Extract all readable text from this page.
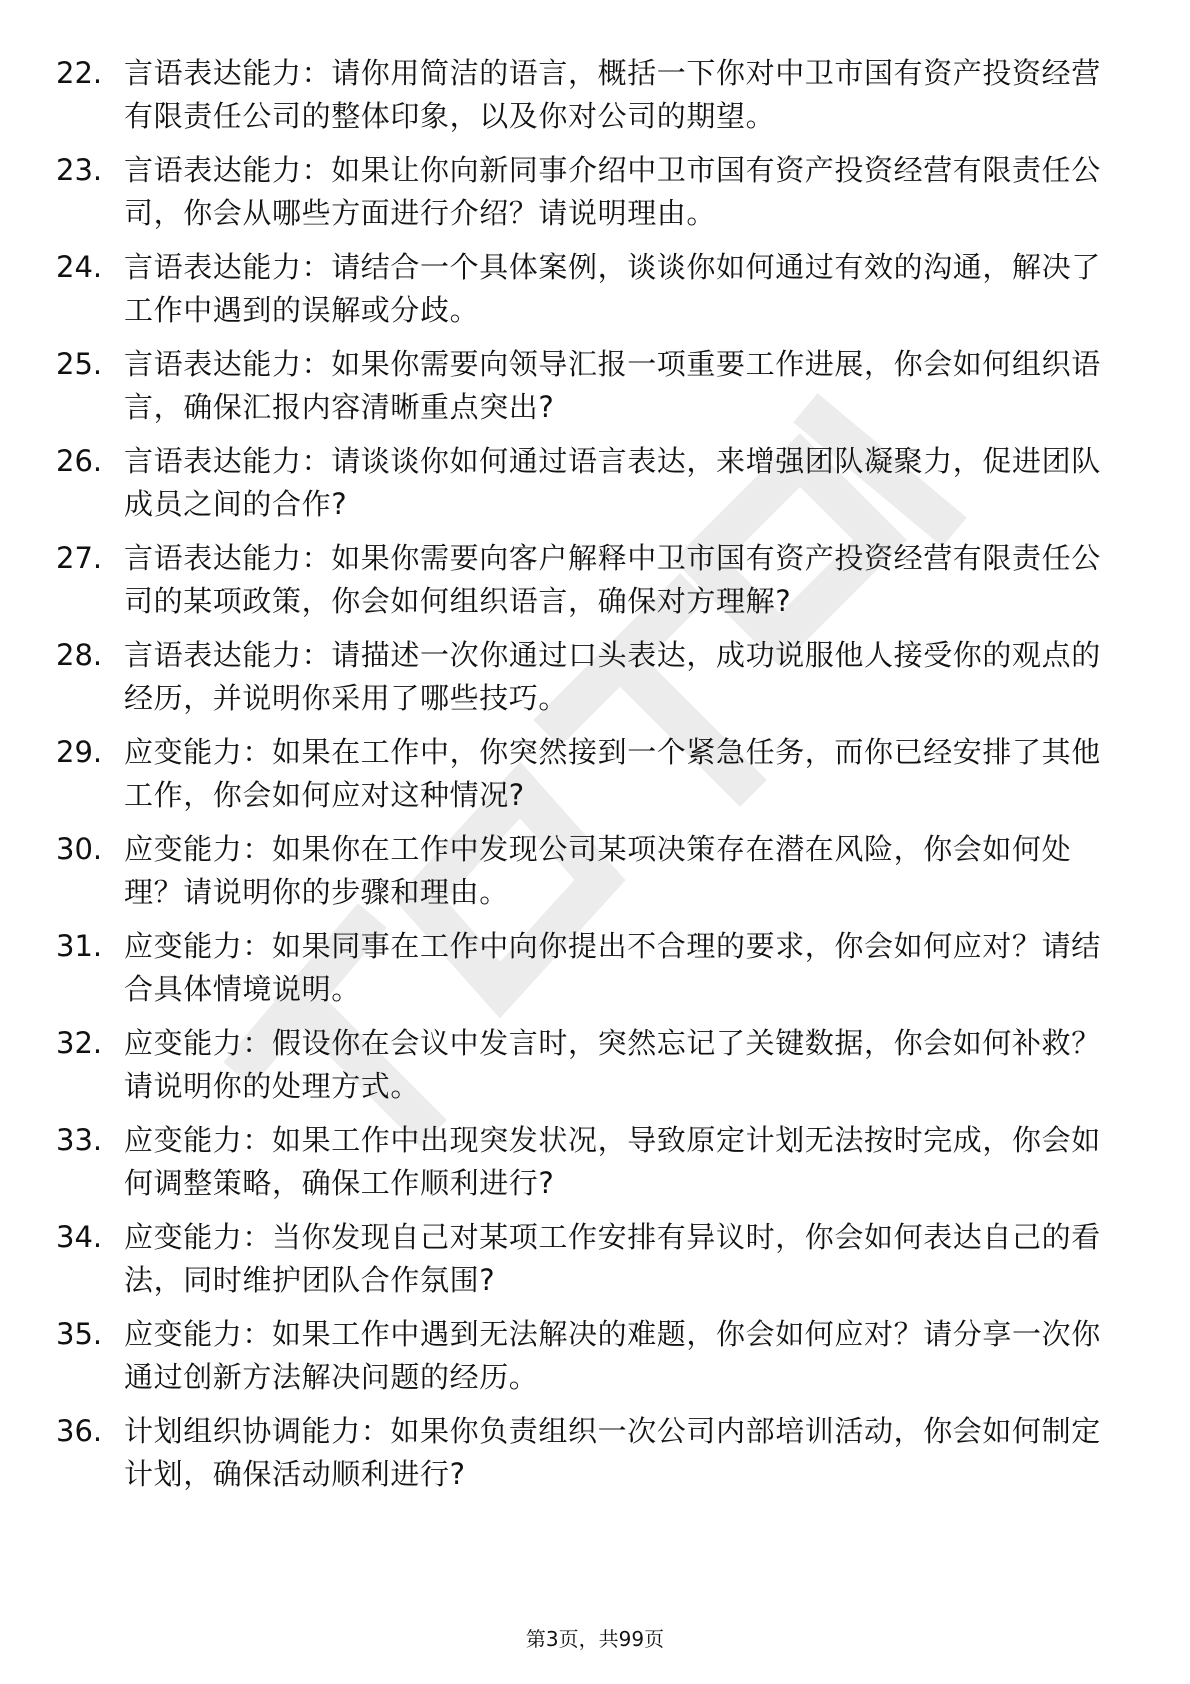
22. 言语表达能力：请你用简洁的语言，概括一下你对中卫市国有资产投资经营有限责任公司的整体印象，以及你对公司的期望。
23. 言语表达能力：如果让你向新同事介绍中卫市国有资产投资经营有限责任公司，你会从哪些方面进行介绍？请说明理由。
24. 言语表达能力：请结合一个具体案例，谈谈你如何通过有效的沟通，解决了工作中遇到的误解或分歧。
25. 言语表达能力：如果你需要向领导汇报一项重要工作进展，你会如何组织语言，确保汇报内容清晰重点突出?
26. 言语表达能力：请谈谈你如何通过语言表达，来增强团队凝聚力，促进团队成员之间的合作?
27. 言语表达能力：如果你需要向客户解释中卫市国有资产投资经营有限责任公司的某项政策，你会如何组织语言，确保对方理解?
28. 言语表达能力：请描述一次你通过口头表达，成功说服他人接受你的观点的经历，并说明你采用了哪些技巧。
29. 应变能力：如果在工作中，你突然接到一个紧急任务，而你已经安排了其他工作，你会如何应对这种情况?
30. 应变能力：如果你在工作中发现公司某项决策存在潜在风险，你会如何处理？请说明你的步骤和理由。
31. 应变能力：如果同事在工作中向你提出不合理的要求，你会如何应对？请结合具体情境说明。
32. 应变能力：假设你在会议中发言时，突然忘记了关键数据，你会如何补救？请说明你的处理方式。
33. 应变能力：如果工作中出现突发状况，导致原定计划无法按时完成，你会如何调整策略，确保工作顺利进行?
34. 应变能力：当你发现自己对某项工作安排有异议时，你会如何表达自己的看法，同时维护团队合作氛围?
35. 应变能力：如果工作中遇到无法解决的难题，你会如何应对？请分享一次你通过创新方法解决问题的经历。
36. 计划组织协调能力：如果你负责组织一次公司内部培训活动，你会如何制定计划，确保活动顺利进行?
第3页，共99页
